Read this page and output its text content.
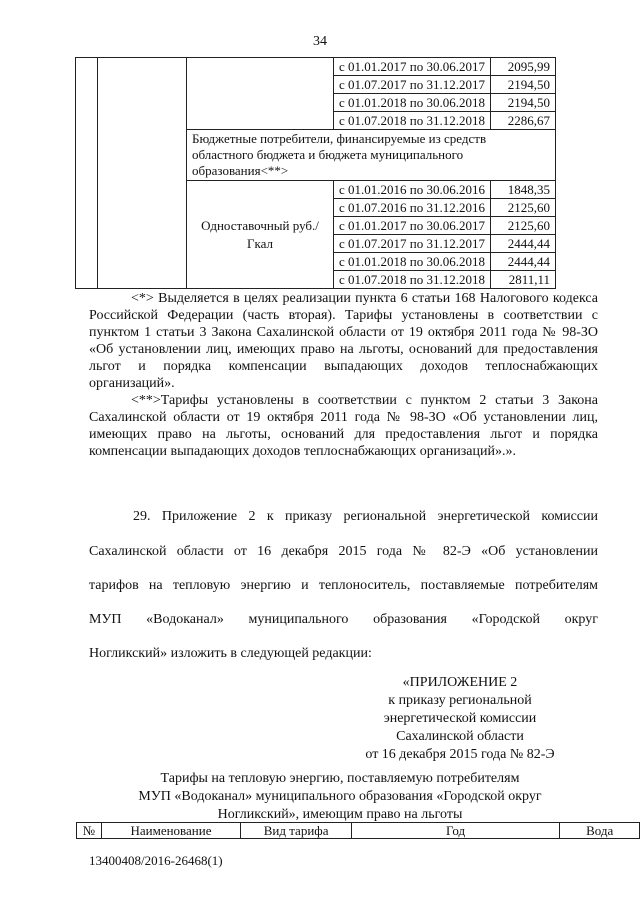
34
			с 01.01.2017 по 30.06.2017	2095,99
			с 01.07.2017 по 31.12.2017	2194,50
			с 01.01.2018 по 30.06.2018	2194,50
			с 01.07.2018 по 31.12.2018	2286,67
		Бюджетные потребители, финансируемые из средств областного бюджета и бюджета муниципального образования<**>		
		Одноставочный руб./Гкал	с 01.01.2016 по 30.06.2016	1848,35
			с 01.07.2016 по 31.12.2016	2125,60
			с 01.01.2017 по 30.06.2017	2125,60
			с 01.07.2017 по 31.12.2017	2444,44
			с 01.01.2018 по 30.06.2018	2444,44
			с 01.07.2018 по 31.12.2018	2811,11

<*> Выделяется в целях реализации пункта 6 статьи 168 Налогового кодекса Российской Федерации (часть вторая). Тарифы установлены в соответствии с пунктом 1 статьи 3 Закона Сахалинской области от 19 октября 2011 года № 98-ЗО «Об установлении лиц, имеющих право на льготы, оснований для предоставления льгот и порядка компенсации выпадающих доходов теплоснабжающих организаций».

<**>Тарифы установлены в соответствии с пунктом 2 статьи 3 Закона Сахалинской области от 19 октября 2011 года № 98-ЗО «Об установлении лиц, имеющих право на льготы, оснований для предоставления льгот и порядка компенсации выпадающих доходов теплоснабжающих организаций».».

29. Приложение 2 к приказу региональной энергетической комиссии
Сахалинской области от 16 декабря 2015 года № 82-Э «Об установлении
тарифов на тепловую энергию и теплоноситель, поставляемые потребителям
МУП «Водоканал» муниципального образования «Городской округ
Ногликский» изложить в следующей редакции:
«ПРИЛОЖЕНИЕ 2
к приказу региональной
энергетической комиссии
Сахалинской области
от 16 декабря 2015 года № 82-Э
Тарифы на тепловую энергию, поставляемую потребителям
МУП «Водоканал» муниципального образования «Городской округ
Ногликский», имеющим право на льготы
№	Наименование	Вид тарифа	Год	Вода
13400408/2016-26468(1)
